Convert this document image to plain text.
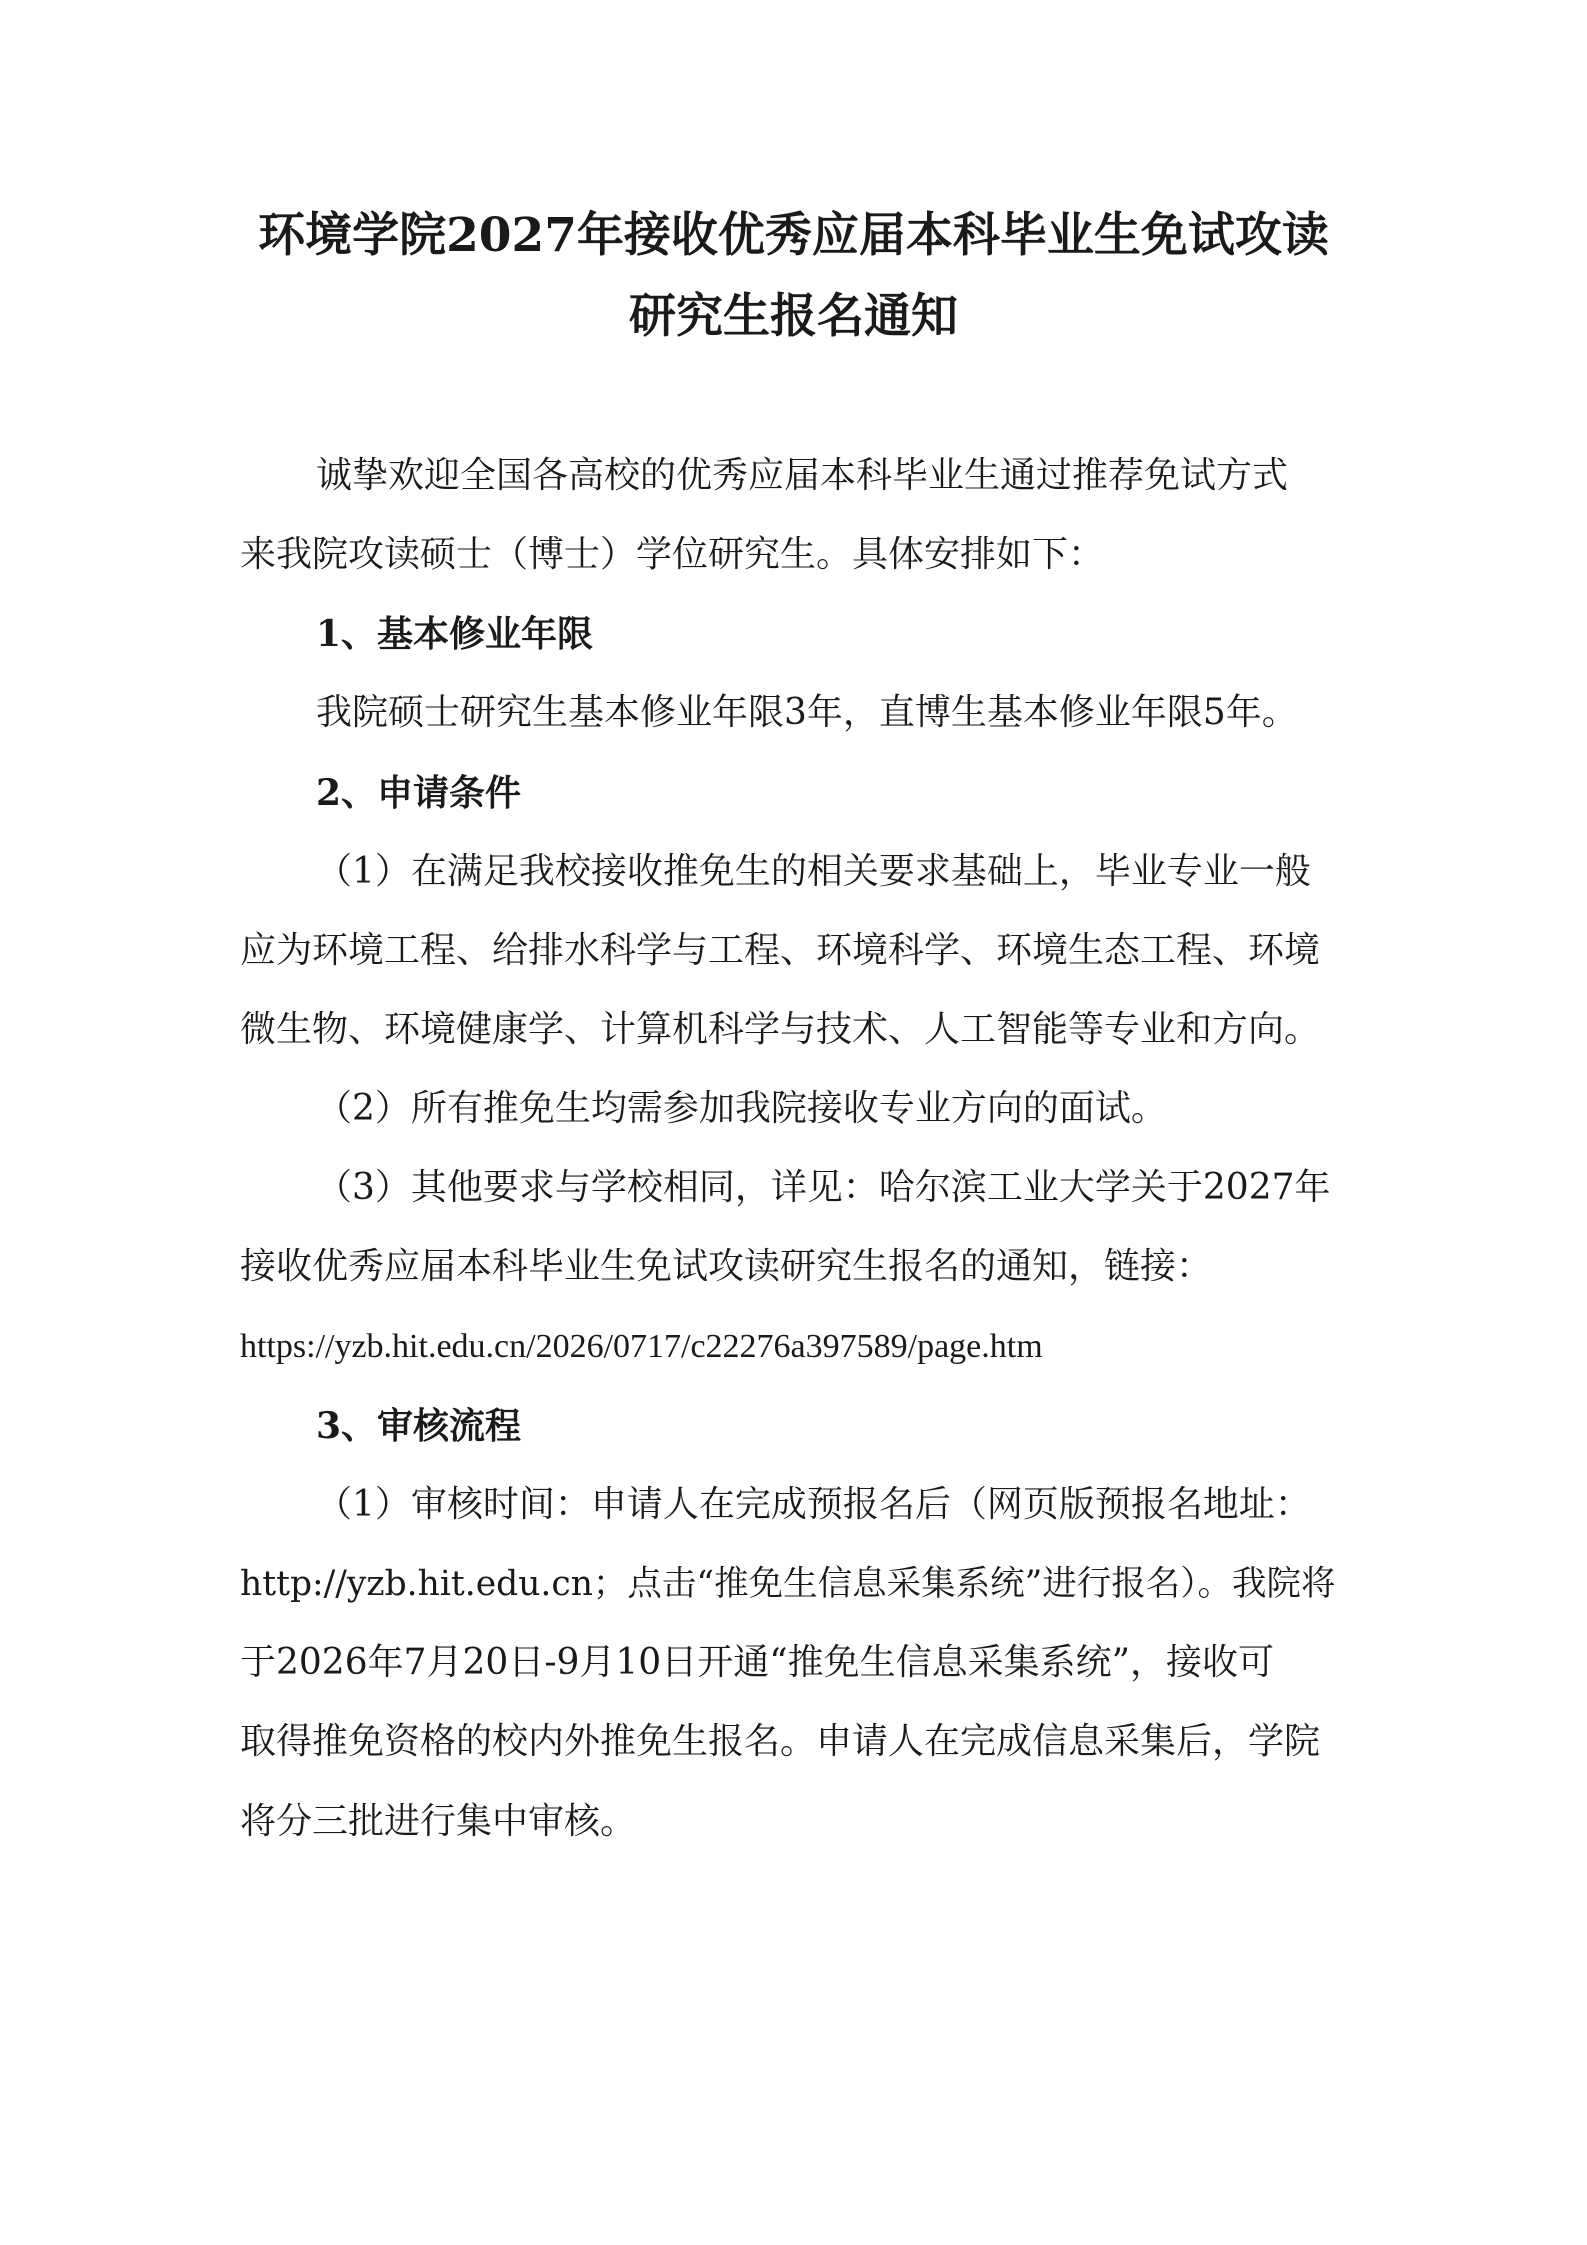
环境学院2027年接收优秀应届本科毕业生免试攻读
研究生报名通知
诚挚欢迎全国各高校的优秀应届本科毕业生通过推荐免试方式
来我院攻读硕士（博士）学位研究生。具体安排如下：
1、基本修业年限
我院硕士研究生基本修业年限3年，直博生基本修业年限5年。
2、申请条件
（1）在满足我校接收推免生的相关要求基础上，毕业专业一般
应为环境工程、给排水科学与工程、环境科学、环境生态工程、环境
微生物、环境健康学、计算机科学与技术、人工智能等专业和方向。
（2）所有推免生均需参加我院接收专业方向的面试。
（3）其他要求与学校相同，详见：哈尔滨工业大学关于2027年
接收优秀应届本科毕业生免试攻读研究生报名的通知，链接：
https://yzb.hit.edu.cn/2026/0717/c22276a397589/page.htm
3、审核流程
（1）审核时间：申请人在完成预报名后（网页版预报名地址：
http://yzb.hit.edu.cn；点击“推免生信息采集系统”进行报名）。我院将
于2026年7月20日-9月10日开通“推免生信息采集系统”，接收可
取得推免资格的校内外推免生报名。申请人在完成信息采集后，学院
将分三批进行集中审核。
